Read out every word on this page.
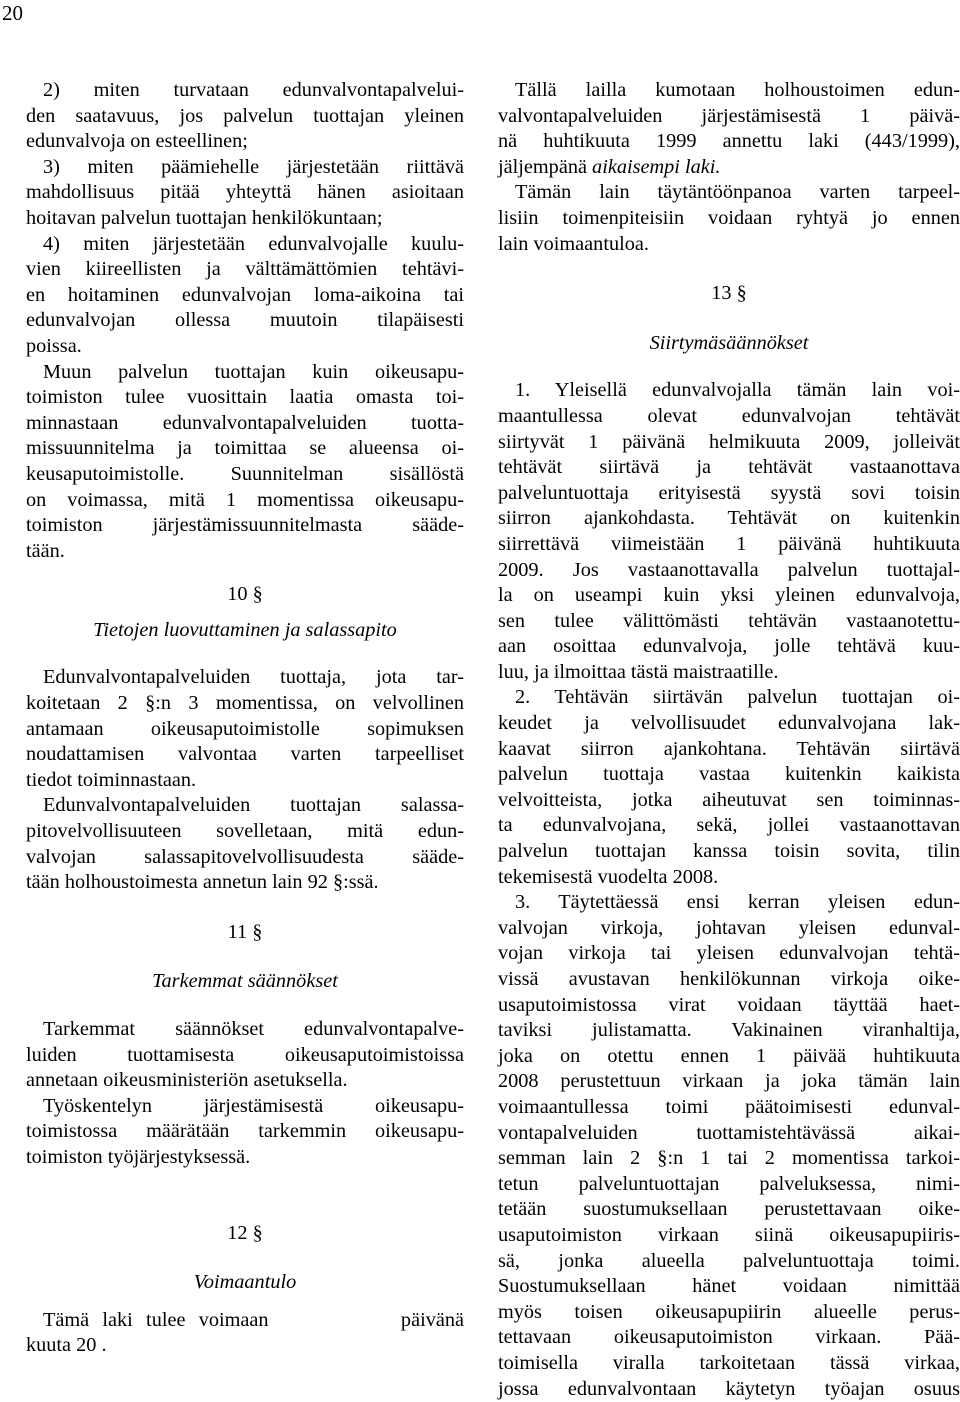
20
2) miten turvataan edunvalvontapalvelui-
den saatavuus, jos palvelun tuottajan yleinen
edunvalvoja on esteellinen;
3) miten päämiehelle järjestetään riittävä
mahdollisuus pitää yhteyttä hänen asioitaan
hoitavan palvelun tuottajan henkilökuntaan;
4) miten järjestetään edunvalvojalle kuulu-
vien kiireellisten ja välttämättömien tehtävi-
en hoitaminen edunvalvojan loma-aikoina tai
edunvalvojan ollessa muutoin tilapäisesti
poissa.
Muun palvelun tuottajan kuin oikeusapu-
toimiston tulee vuosittain laatia omasta toi-
minnastaan edunvalvontapalveluiden tuotta-
missuunnitelma ja toimittaa se alueensa oi-
keusaputoimistolle. Suunnitelman sisällöstä
on voimassa, mitä 1 momentissa oikeusapu-
toimiston järjestämissuunnitelmasta sääde-
tään.
10 §
Tietojen luovuttaminen ja salassapito
Edunvalvontapalveluiden tuottaja, jota tar-
koitetaan 2 §:n 3 momentissa, on velvollinen
antamaan oikeusaputoimistolle sopimuksen
noudattamisen valvontaa varten tarpeelliset
tiedot toiminnastaan.
Edunvalvontapalveluiden tuottajan salassa-
pitovelvollisuuteen sovelletaan, mitä edun-
valvojan salassapitovelvollisuudesta sääde-
tään holhoustoimesta annetun lain 92 §:ssä.
11 §
Tarkemmat säännökset
Tarkemmat säännökset edunvalvontapalve-
luiden tuottamisesta oikeusaputoimistoissa
annetaan oikeusministeriön asetuksella.
Työskentelyn järjestämisestä oikeusapu-
toimistossa määrätään tarkemmin oikeusapu-
toimiston työjärjestyksessä.
12 §
Voimaantulo
Tämä laki tulee voimaan          päivänä
kuuta 20 .
Tällä lailla kumotaan holhoustoimen edun-
valvontapalveluiden järjestämisestä 1 päivä-
nä huhtikuuta 1999 annettu laki (443/1999),
jäljempänä aikaisempi laki.
Tämän lain täytäntöönpanoa varten tarpeel-
lisiin toimenpiteisiin voidaan ryhtyä jo ennen
lain voimaantuloa.
13 §
Siirtymäsäännökset
1. Yleisellä edunvalvojalla tämän lain voi-
maantullessa olevat edunvalvojan tehtävät
siirtyvät 1 päivänä helmikuuta 2009, jolleivät
tehtävät siirtävä ja tehtävät vastaanottava
palveluntuottaja erityisestä syystä sovi toisin
siirron ajankohdasta. Tehtävät on kuitenkin
siirrettävä viimeistään 1 päivänä huhtikuuta
2009. Jos vastaanottavalla palvelun tuottajal-
la on useampi kuin yksi yleinen edunvalvoja,
sen tulee välittömästi tehtävän vastaanotettu-
aan osoittaa edunvalvoja, jolle tehtävä kuu-
luu, ja ilmoittaa tästä maistraatille.
2. Tehtävän siirtävän palvelun tuottajan oi-
keudet ja velvollisuudet edunvalvojana lak-
kaavat siirron ajankohtana. Tehtävän siirtävä
palvelun tuottaja vastaa kuitenkin kaikista
velvoitteista, jotka aiheutuvat sen toiminnas-
ta edunvalvojana, sekä, jollei vastaanottavan
palvelun tuottajan kanssa toisin sovita, tilin
tekemisestä vuodelta 2008.
3. Täytettäessä ensi kerran yleisen edun-
valvojan virkoja, johtavan yleisen edunval-
vojan virkoja tai yleisen edunvalvojan tehtä-
vissä avustavan henkilökunnan virkoja oike-
usaputoimistossa virat voidaan täyttää haet-
taviksi julistamatta. Vakinainen viranhaltija,
joka on otettu ennen 1 päivää huhtikuuta
2008 perustettuun virkaan ja joka tämän lain
voimaantullessa toimi päätoimisesti edunval-
vontapalveluiden tuottamistehtävässä aikai-
semman lain 2 §:n 1 tai 2 momentissa tarkoi-
tetun palveluntuottajan palveluksessa, nimi-
tetään suostumuksellaan perustettavaan oike-
usaputoimiston virkaan siinä oikeusapupiiris-
sä, jonka alueella palveluntuottaja toimi.
Suostumuksellaan hänet voidaan nimittää
myös toisen oikeusapupiirin alueelle perus-
tettavaan oikeusaputoimiston virkaan. Pää-
toimisella viralla tarkoitetaan tässä virkaa,
jossa edunvalvontaan käytetyn työajan osuus
